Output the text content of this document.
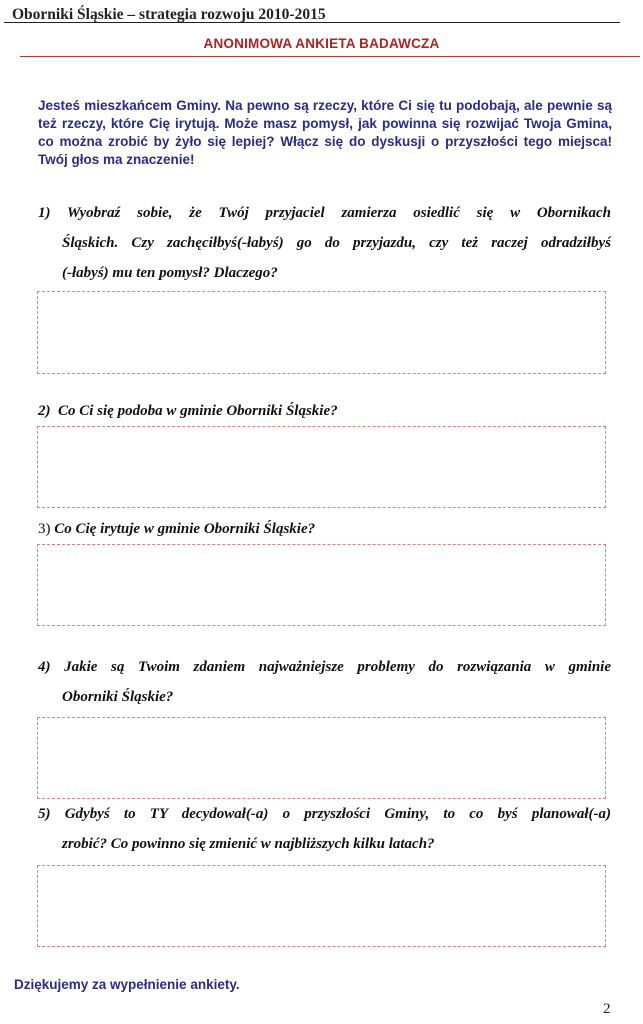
Oborniki Śląskie – strategia rozwoju 2010-2015
ANONIMOWA ANKIETA BADAWCZA
Jesteś mieszkańcem Gminy. Na pewno są rzeczy, które Ci się tu podobają, ale pewnie są też rzeczy, które Cię irytują. Może masz pomysł, jak powinna się rozwijać Twoja Gmina, co można zrobić by żyło się lepiej? Włącz się do dyskusji o przyszłości tego miejsca! Twój głos ma znaczenie!
1) Wyobraź sobie, że Twój przyjaciel zamierza osiedlić się w Obornikach
Śląskich. Czy zachęciłbyś(-łabyś) go do przyjazdu, czy też raczej odradziłbyś
(-łabyś) mu ten pomysł? Dlaczego?
2) Co Ci się podoba w gminie Oborniki Śląskie?
3) Co Cię irytuje w gminie Oborniki Śląskie?
4) Jakie są Twoim zdaniem najważniejsze problemy do rozwiązania w gminie
Oborniki Śląskie?
5) Gdybyś to TY decydował(-a) o przyszłości Gminy, to co byś planował(-a)
zrobić? Co powinno się zmienić w najbliższych kilku latach?
Dziękujemy za wypełnienie ankiety.
2
